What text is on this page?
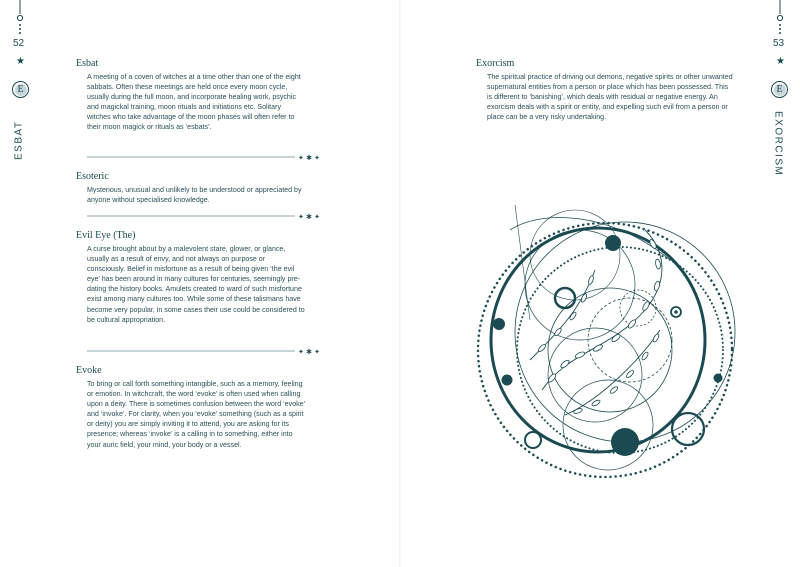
52
★
E
ESBAT
Esbat

A meeting of a coven of witches at a time other than one of the eight sabbats. Often these meetings are held once every moon cycle, usually during the full moon, and incorporate healing work, psychic and magickal training, moon rituals and initiations etc. Solitary witches who take advantage of the moon phases will often refer to their moon magick or rituals as ‘esbats’.

✦ ✱ ✦
Esoteric

Mysterious, unusual and unlikely to be understood or appreciated by anyone without specialised knowledge.

✦ ✱ ✦
Evil Eye (The)

A curse brought about by a malevolent stare, glower, or glance, usually as a result of envy, and not always on purpose or consciously. Belief in misfortune as a result of being given ‘the evil eye’ has been around in many cultures for centuries, seemingly pre-dating the history books. Amulets created to ward of such misfortune exist among many cultures too. While some of these talismans have become very popular, in some cases their use could be considered to be cultural appropriation.

✦ ✱ ✦
Evoke

To bring or call forth something intangible, such as a memory, feeling or emotion. In witchcraft, the word ‘evoke’ is often used when calling upon a deity. There is sometimes confusion between the word ‘evoke’ and ‘invoke’. For clarity, when you ‘evoke’ something (such as a spirit or deity) you are simply inviting it to attend, you are asking for its presence; whereas ‘invoke’ is a calling in to something, either into your auric field, your mind, your body or a vessel.

53
★
E
EXORCISM
Exorcism

The spiritual practice of driving out demons, negative spirits or other unwanted supernatural entities from a person or place which has been possessed. This is different to ‘banishing’, which deals with residual or negative energy. An exorcism deals with a spirit or entity, and expelling such evil from a person or place can be a very risky undertaking.
